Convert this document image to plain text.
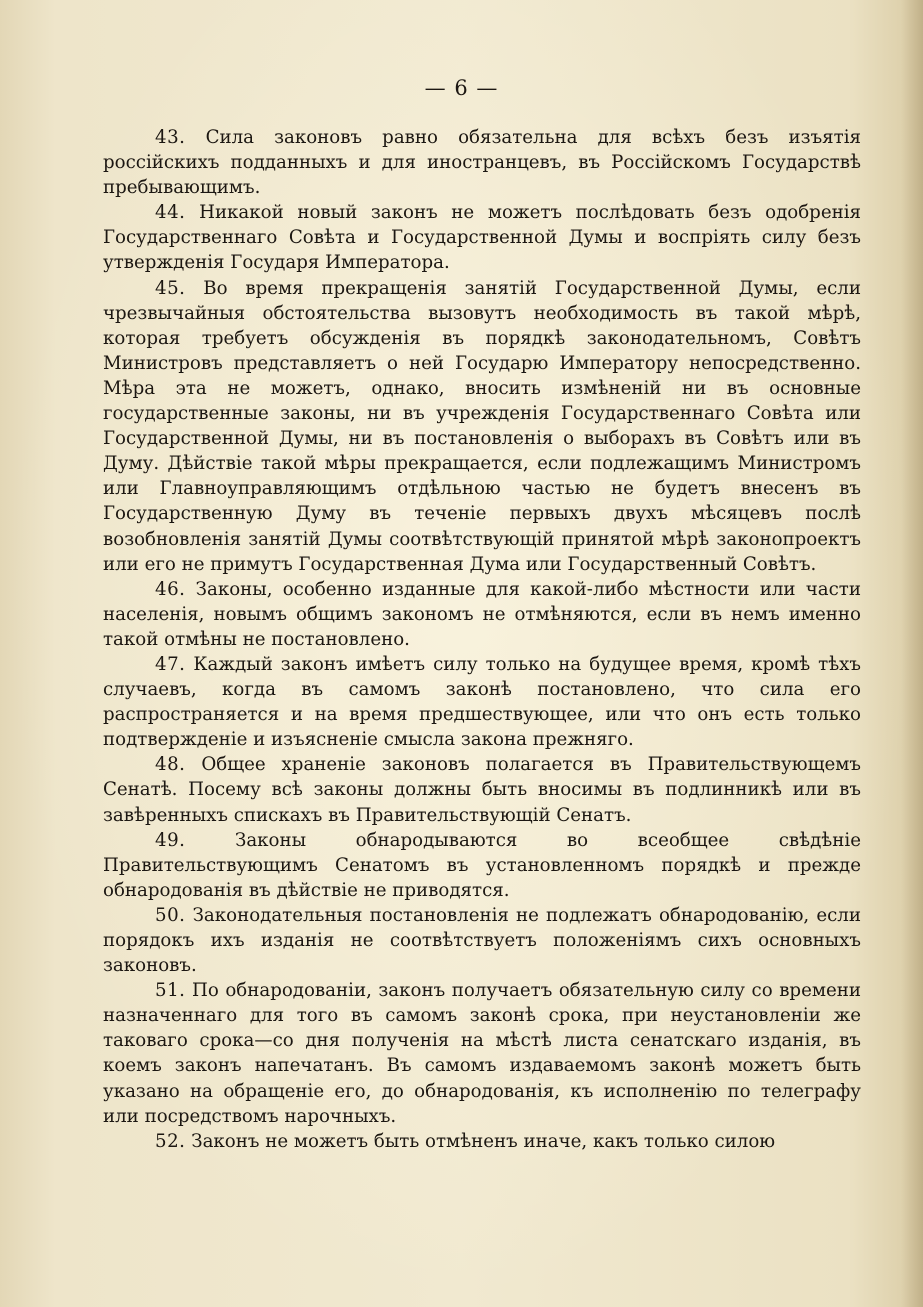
— 6 —

43. Сила законовъ равно обязательна для всѣхъ безъ изъятія россійскихъ подданныхъ и для иностранцевъ, въ Россійскомъ Государствѣ пребывающимъ.

44. Никакой новый законъ не можетъ послѣдовать безъ одобренія Государственнаго Совѣта и Государственной Думы и воспріять силу безъ утвержденія Государя Императора.

45. Во время прекращенія занятій Государственной Думы, если чрезвычайныя обстоятельства вызовутъ необходимость въ такой мѣрѣ, которая требуетъ обсужденія въ порядкѣ законодательномъ, Совѣтъ Министровъ представляетъ о ней Государю Императору непосредственно. Мѣра эта не можетъ, однако, вносить измѣненій ни въ основные государственные законы, ни въ учрежденія Государственнаго Совѣта или Государственной Думы, ни въ постановленія о выборахъ въ Совѣтъ или въ Думу. Дѣйствіе такой мѣры прекращается, если подлежащимъ Министромъ или Главноуправляющимъ отдѣльною частью не будетъ внесенъ въ Государственную Думу въ теченіе первыхъ двухъ мѣсяцевъ послѣ возобновленія занятій Думы соотвѣтствующій принятой мѣрѣ законопроектъ или его не примутъ Государственная Дума или Государственный Совѣтъ.

46. Законы, особенно изданные для какой-либо мѣстности или части населенія, новымъ общимъ закономъ не отмѣняются, если въ немъ именно такой отмѣны не постановлено.

47. Каждый законъ имѣетъ силу только на будущее время, кромѣ тѣхъ случаевъ, когда въ самомъ законѣ постановлено, что сила его распространяется и на время предшествующее, или что онъ есть только подтвержденіе и изъясненіе смысла закона прежняго.

48. Общее храненіе законовъ полагается въ Правительствующемъ Сенатѣ. Посему всѣ законы должны быть вносимы въ подлинникѣ или въ завѣренныхъ спискахъ въ Правительствующій Сенатъ.

49.	Законы обнародываются во всеобщее свѣдѣніе Правительствующимъ Сенатомъ въ установленномъ порядкѣ и прежде обнародованія въ дѣйствіе не приводятся.

50. Законодательныя постановленія не подлежатъ обнародованію, если порядокъ ихъ изданія не соотвѣтствуетъ положеніямъ сихъ основныхъ законовъ.

51. По обнародованіи, законъ получаетъ обязательную силу со времени назначеннаго для того въ самомъ законѣ срока, при неустановленіи же таковаго срока—со дня полученія на мѣстѣ листа сенатскаго изданія, въ коемъ законъ напечатанъ. Въ самомъ издаваемомъ законѣ можетъ быть указано на обращеніе его, до обнародованія, къ исполненію по телеграфу или посредствомъ нарочныхъ.

52. Законъ не можетъ быть отмѣненъ иначе, какъ только силою
